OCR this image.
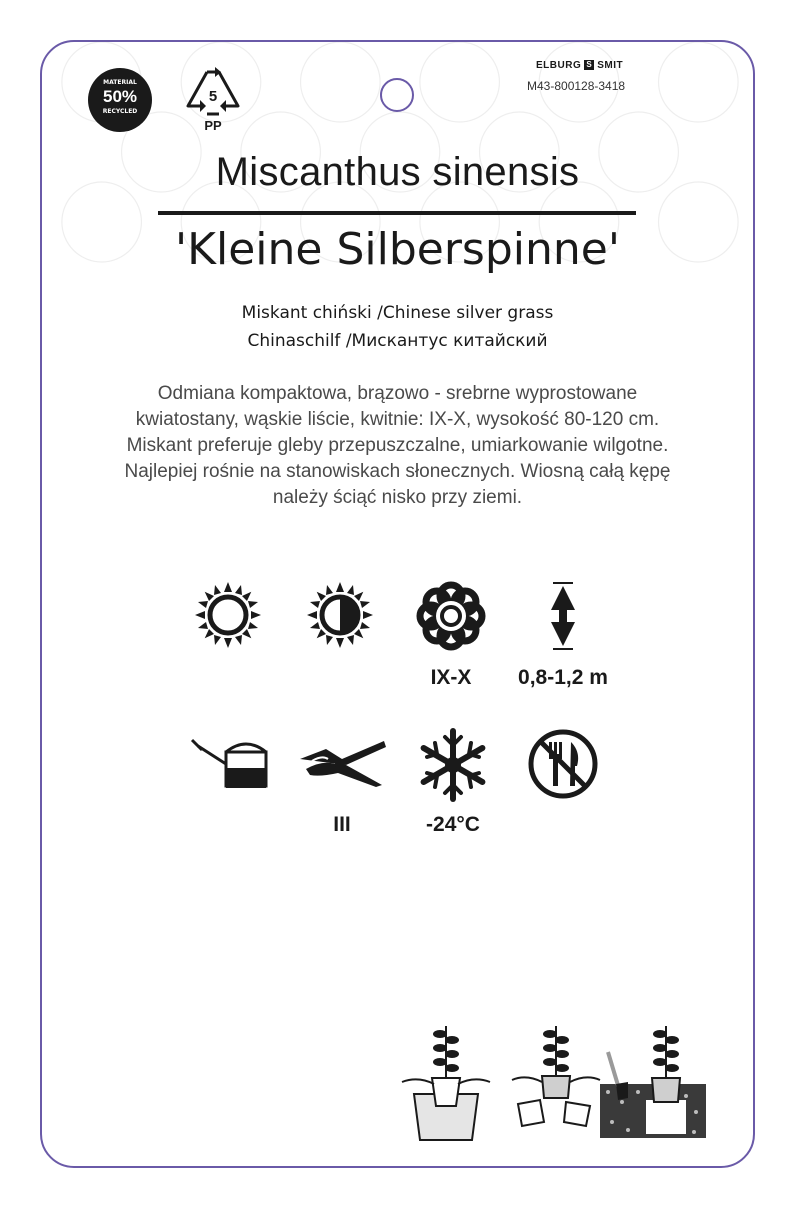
MATERIAL
50%
RECYCLED
5
PP
ELBURG S SMIT
M43-800128-3418
Miscanthus sinensis
'Kleine Silberspinne'
Miskant chiński /Chinese silver grass
Chinaschilf /Мискантус китайский
Odmiana kompaktowa, brązowo - srebrne wyprostowane
kwiatostany, wąskie liście, kwitnie: IX-X, wysokość 80-120 cm.
Miskant preferuje gleby przepuszczalne, umiarkowanie wilgotne.
Najlepiej rośnie na stanowiskach słonecznych. Wiosną całą kępę
należy ściąć nisko przy ziemi.
IX-X	0,8-1,2 m
III	-24°C
